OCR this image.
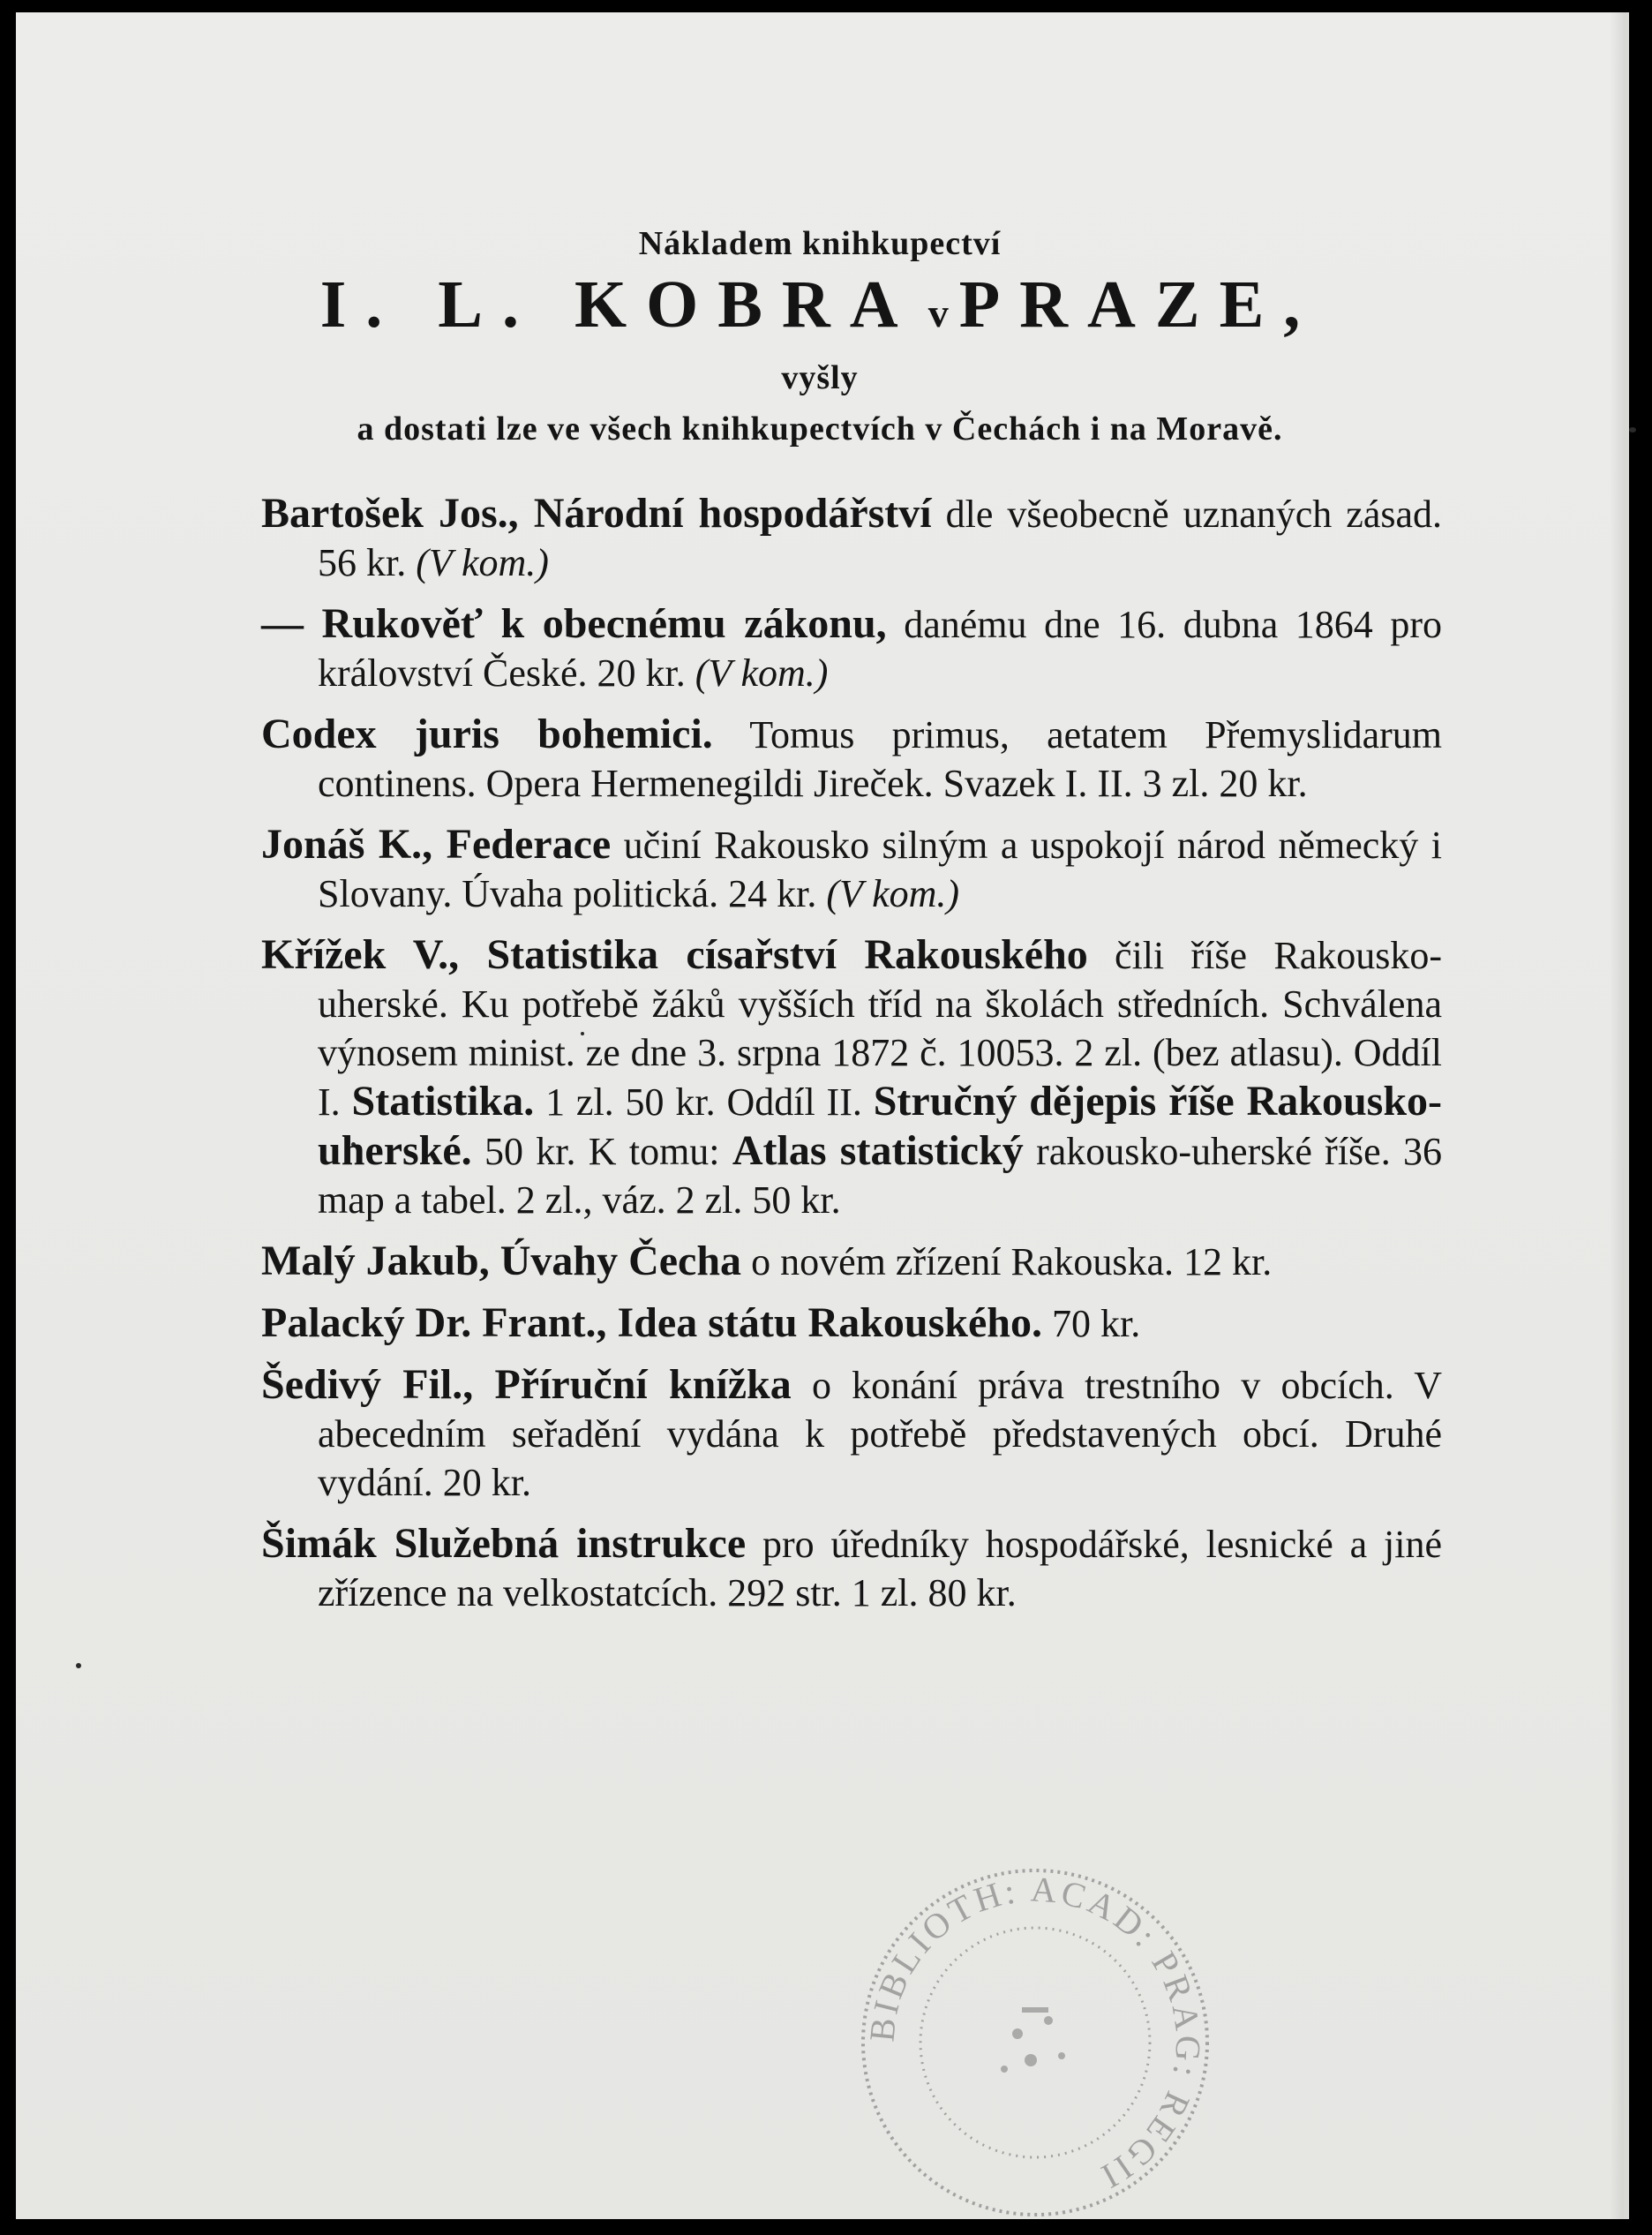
Nákladem knihkupectví
I. L. KOBRA v PRAZE,
vyšly
a dostati lze ve všech knihkupectvích v Čechách i na Moravě.

Bartošek Jos., Národní hospodářství dle všeobecně uznaných zásad. 56 kr. (V kom.)

— Rukověť k obecnému zákonu, danému dne 16. dubna 1864 pro království České. 20 kr. (V kom.)

Codex juris bohemici. Tomus primus, aetatem Přemyslidarum continens. Opera Hermenegildi Jireček. Svazek I. II. 3 zl. 20 kr.

Jonáš K., Federace učiní Rakousko silným a uspokojí národ německý i Slovany. Úvaha politická. 24 kr. (V kom.)

Křížek V., Statistika císařství Rakouského čili říše Rakousko-uherské. Ku potřebě žáků vyšších tříd na školách středních. Schválena výnosem minist. ze dne 3. srpna 1872 č. 10053. 2 zl. (bez atlasu). Oddíl I. Statistika. 1 zl. 50 kr. Oddíl II. Stručný dějepis říše Rakousko-uherské. 50 kr. K tomu: Atlas statistický rakousko-uherské říše. 36 map a tabel. 2 zl., váz. 2 zl. 50 kr.

Malý Jakub, Úvahy Čecha o novém zřízení Rakouska. 12 kr.

Palacký Dr. Frant., Idea státu Rakouského. 70 kr.

Šedivý Fil., Příruční knížka o konání práva trestního v obcích. V abecedním seřadění vydána k potřebě představených obcí. Druhé vydání. 20 kr.

Šimák Služebná instrukce pro úředníky hospodářské, lesnické a jiné zřízence na velkostatcích. 292 str. 1 zl. 80 kr.

BIBLIOTH: ACAD: PRAG: REGII
